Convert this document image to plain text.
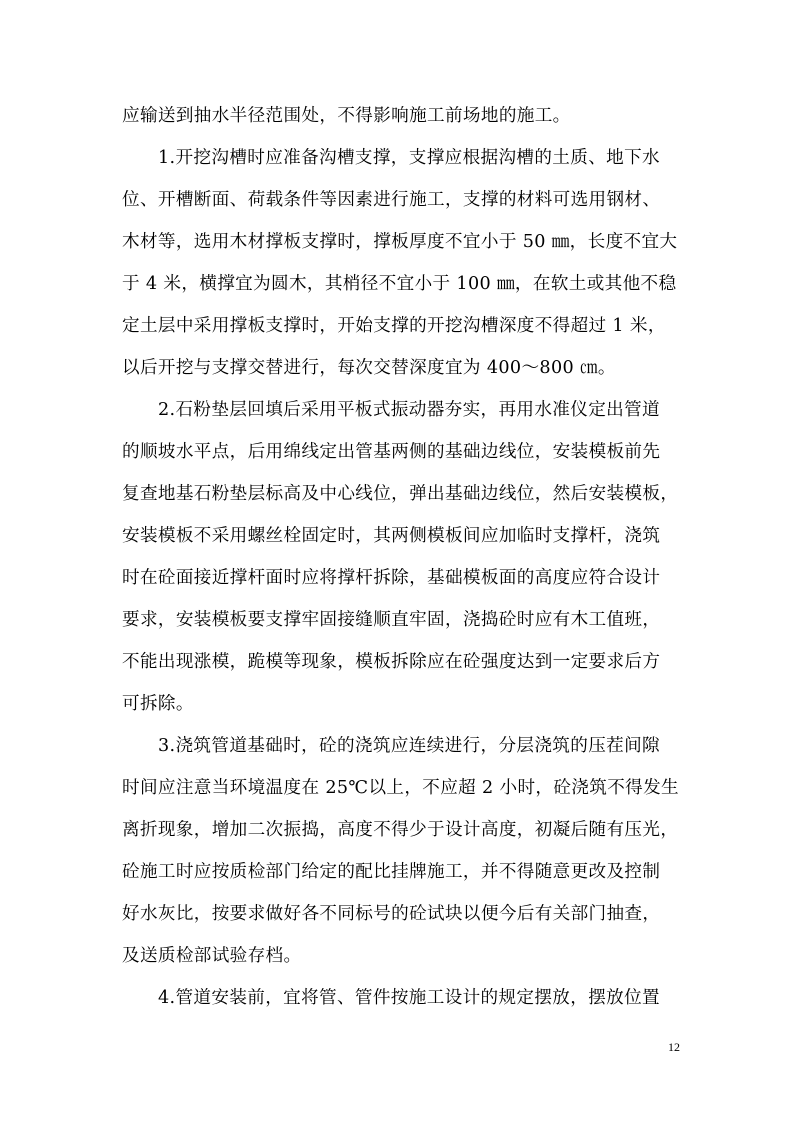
应输送到抽水半径范围处，不得影响施工前场地的施工。
1.开挖沟槽时应准备沟槽支撑，支撑应根据沟槽的土质、地下水
位、开槽断面、荷载条件等因素进行施工，支撑的材料可选用钢材、
木材等，选用木材撑板支撑时，撑板厚度不宜小于 50 ㎜，长度不宜大
于 4 米，横撑宜为圆木，其梢径不宜小于 100 ㎜，在软土或其他不稳
定土层中采用撑板支撑时，开始支撑的开挖沟槽深度不得超过 1 米，
以后开挖与支撑交替进行，每次交替深度宜为 400～800 ㎝。
2.石粉垫层回填后采用平板式振动器夯实，再用水准仪定出管道
的顺坡水平点，后用绵线定出管基两侧的基础边线位，安装模板前先
复查地基石粉垫层标高及中心线位，弹出基础边线位，然后安装模板，
安装模板不采用螺丝栓固定时，其两侧模板间应加临时支撑杆，浇筑
时在砼面接近撑杆面时应将撑杆拆除，基础模板面的高度应符合设计
要求，安装模板要支撑牢固接缝顺直牢固，浇捣砼时应有木工值班，
不能出现涨模，跪模等现象，模板拆除应在砼强度达到一定要求后方
可拆除。
3.浇筑管道基础时，砼的浇筑应连续进行，分层浇筑的压茬间隙
时间应注意当环境温度在 25℃以上，不应超 2 小时，砼浇筑不得发生
离折现象，增加二次振捣，高度不得少于设计高度，初凝后随有压光，
砼施工时应按质检部门给定的配比挂牌施工，并不得随意更改及控制
好水灰比，按要求做好各不同标号的砼试块以便今后有关部门抽查，
及送质检部试验存档。
4.管道安装前，宜将管、管件按施工设计的规定摆放，摆放位置
12
